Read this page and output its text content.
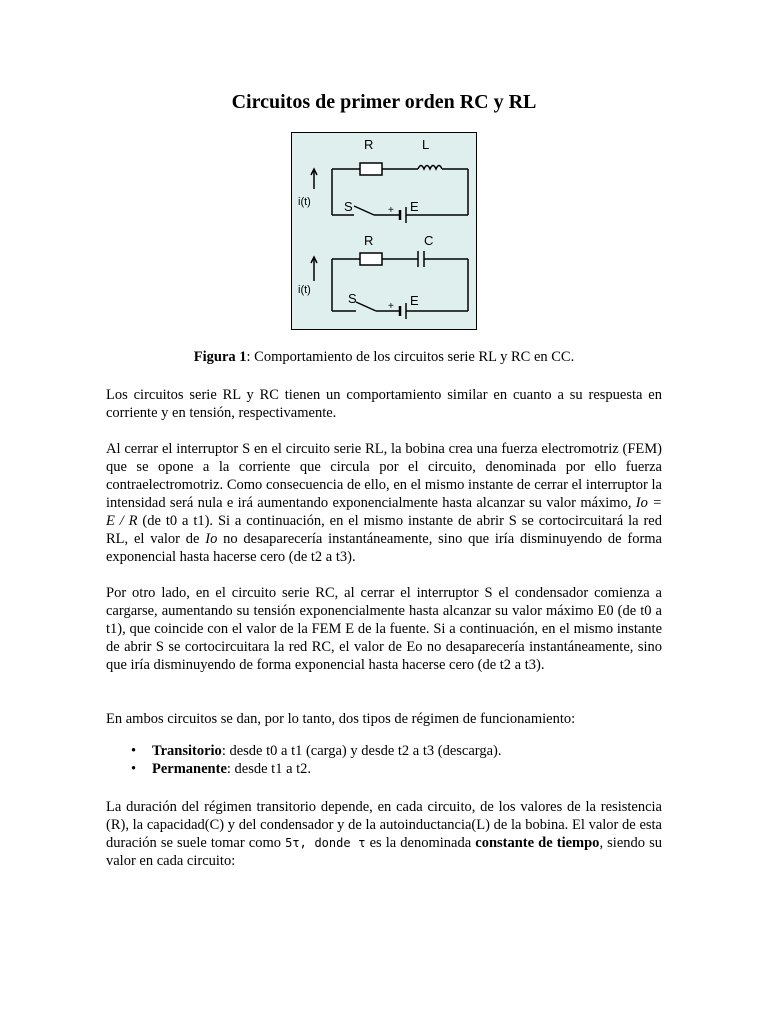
Circuitos de primer orden RC y RL
R	L
i(t)	S	E
+
R	C
i(t)
S	E
+
Figura 1: Comportamiento de los circuitos serie RL y RC en CC.

Los circuitos serie RL y RC tienen un comportamiento similar en cuanto a su respuesta en corriente y en tensión, respectivamente.

Al cerrar el interruptor S en el circuito serie RL, la bobina crea una fuerza electromotriz (FEM) que se opone a la corriente que circula por el circuito, denominada por ello fuerza contraelectromotriz. Como consecuencia de ello, en el mismo instante de cerrar el interruptor la intensidad será nula e irá aumentando exponencialmente hasta alcanzar su valor máximo, Io = E / R (de t0 a t1). Si a continuación, en el mismo instante de abrir S se cortocircuitará la red RL, el valor de Io no desaparecería instantáneamente, sino que iría disminuyendo de forma exponencial hasta hacerse cero (de t2 a t3).

Por otro lado, en el circuito serie RC, al cerrar el interruptor S el condensador comienza a cargarse, aumentando su tensión exponencialmente hasta alcanzar su valor máximo E0 (de t0 a t1), que coincide con el valor de la FEM E de la fuente. Si a continuación, en el mismo instante de abrir S se cortocircuitara la red RC, el valor de Eo no desaparecería instantáneamente, sino que iría disminuyendo de forma exponencial hasta hacerse cero (de t2 a t3).

En ambos circuitos se dan, por lo tanto, dos tipos de régimen de funcionamiento:

• Transitorio: desde t0 a t1 (carga) y desde t2 a t3 (descarga).
• Permanente: desde t1 a t2.

La duración del régimen transitorio depende, en cada circuito, de los valores de la resistencia (R), la capacidad(C) y del condensador y de la autoinductancia(L) de la bobina. El valor de esta duración se suele tomar como 5τ, donde τ es la denominada constante de tiempo, siendo su valor en cada circuito:
